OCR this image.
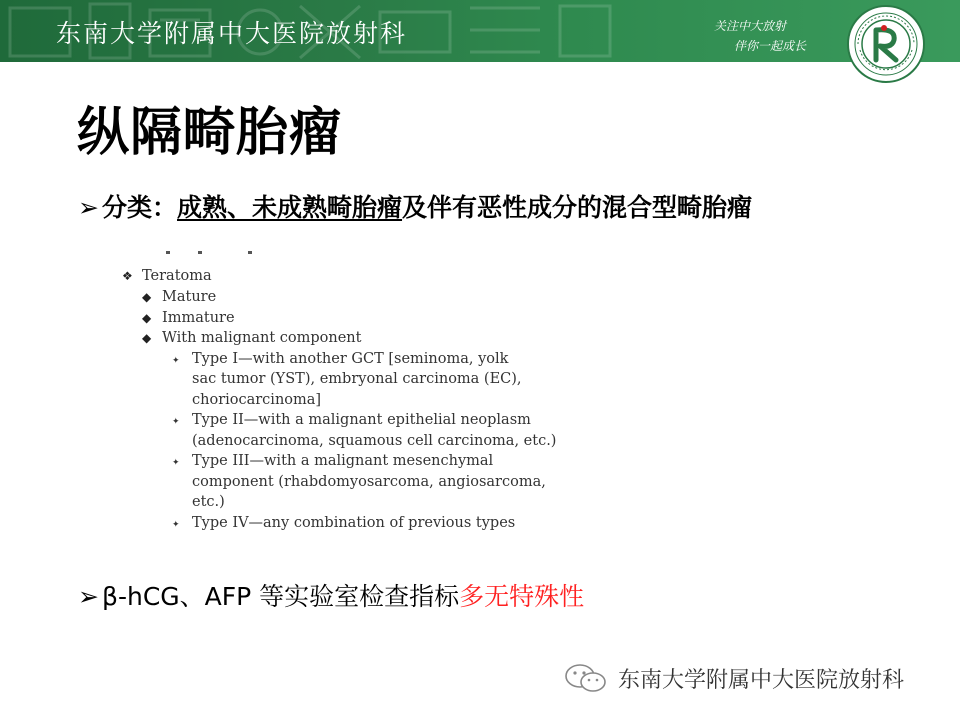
东南大学附属中大医院放射科	关注中大放射
伴你一起成长
纵隔畸胎瘤
➢ 分类：成熟、未成熟畸胎瘤及伴有恶性成分的混合型畸胎瘤
❖ Teratoma
◆ Mature
◆ Immature
◆ With malignant component
✦ Type I—with another GCT [seminoma, yolk
sac tumor (YST), embryonal carcinoma (EC),
choriocarcinoma]
✦ Type II—with a malignant epithelial neoplasm
(adenocarcinoma, squamous cell carcinoma, etc.)
✦ Type III—with a malignant mesenchymal
component (rhabdomyosarcoma, angiosarcoma,
etc.)
✦ Type IV—any combination of previous types
➢ β-hCG、AFP 等实验室检查指标多无特殊性
东南大学附属中大医院放射科
